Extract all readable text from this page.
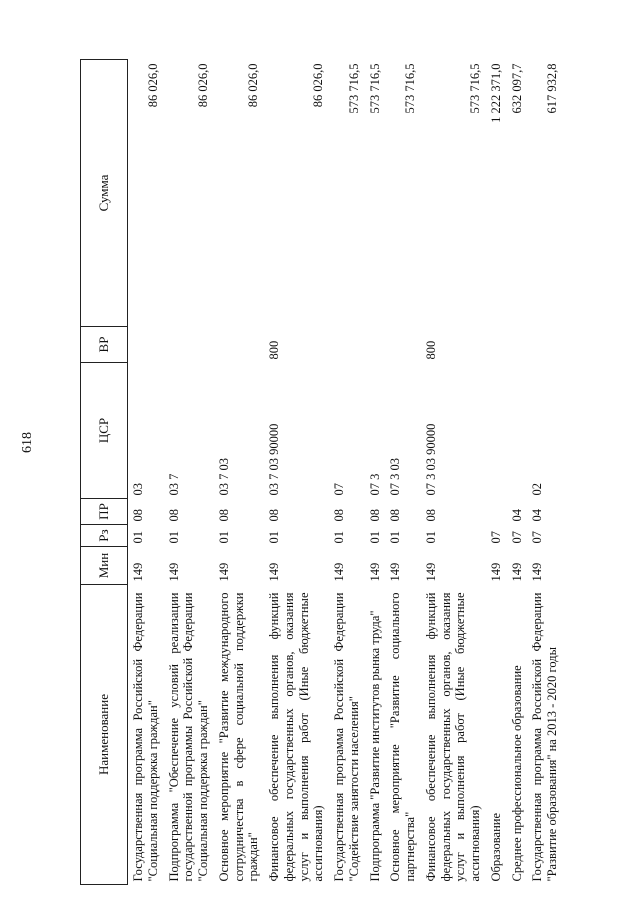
618
Наименование	Мин	Рз	ПР	ЦСР	ВР	Сумма
Государственная программа Российской Федерации "Социальная поддержка граждан"	149	01	08	03		86 026,0
Подпрограмма "Обеспечение условий реализации государственной программы Российской Федерации "Социальная поддержка граждан"	149	01	08	03 7		86 026,0
Основное мероприятие "Развитие международного сотрудничества в сфере социальной поддержки граждан"	149	01	08	03 7 03		86 026,0
Финансовое обеспечение выполнения функций федеральных государственных органов, оказания услуг и выполнения работ (Иные бюджетные ассигнования)	149	01	08	03 7 03 90000	800	86 026,0
Государственная программа Российской Федерации "Содействие занятости населения"	149	01	08	07		573 716,5
Подпрограмма "Развитие институтов рынка труда"	149	01	08	07 3		573 716,5
Основное мероприятие "Развитие социального партнерства"	149	01	08	07 3 03		573 716,5
Финансовое обеспечение выполнения функций федеральных государственных органов, оказания услуг и выполнения работ (Иные бюджетные ассигнования)	149	01	08	07 3 03 90000	800	573 716,5
Образование	149	07				1 222 371,0
Среднее профессиональное образование	149	07	04			632 097,7
Государственная программа Российской Федерации "Развитие образования" на 2013 - 2020 годы	149	07	04	02		617 932,8
